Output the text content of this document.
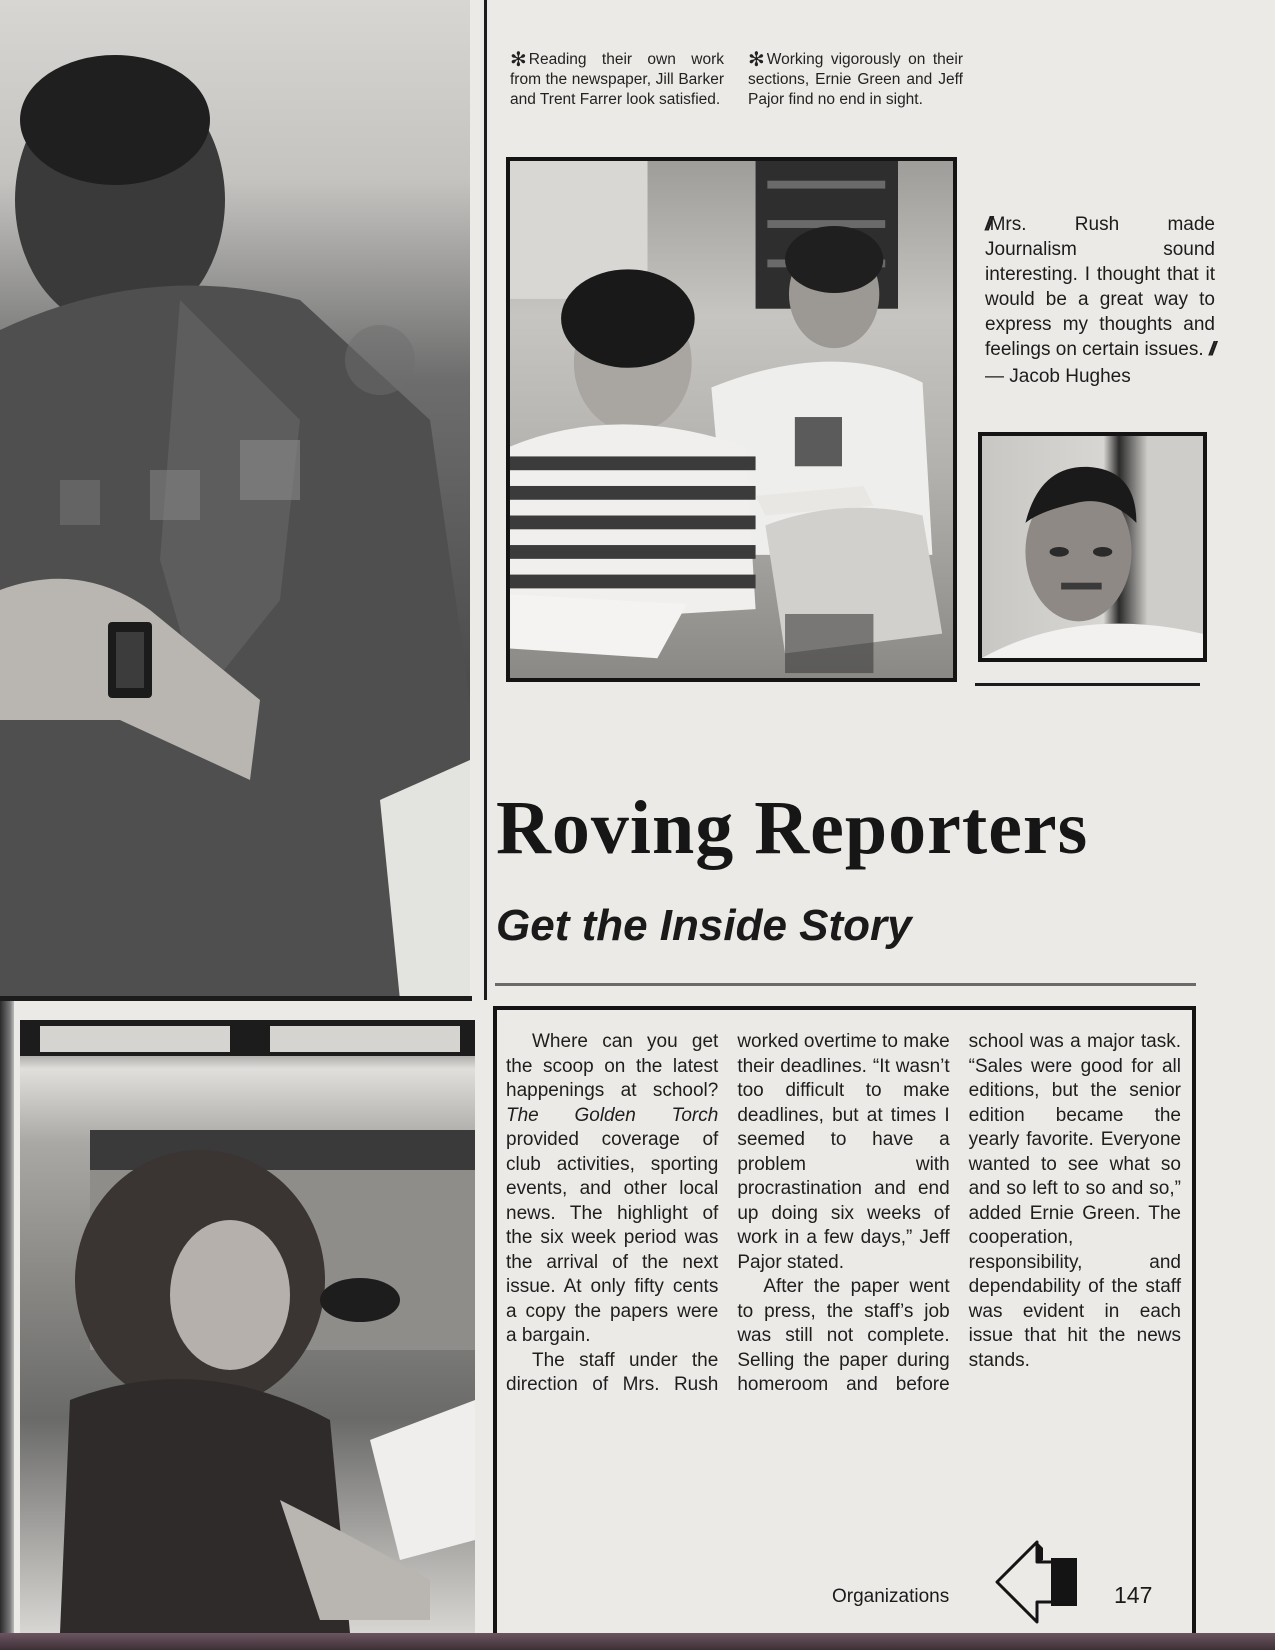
✻ Reading their own work from the newspaper, Jill Barker and Trent Farrer look satisfied.
✻ Working vigorously on their sections, Ernie Green and Jeff Pajor find no end in sight.
//Mrs. Rush made Journalism sound interesting. I thought that it would be a great way to express my thoughts and feelings on certain issues. //
— Jacob Hughes
Roving Reporters
Get the Inside Story

Where can you get the scoop on the latest happenings at school? The Golden Torch provided coverage of club activities, sporting events, and other local news. The highlight of the six week period was the arrival of the next issue. At only fifty cents a copy the papers were a bargain.

The staff under the direction of Mrs. Rush worked overtime to make their deadlines. “It wasn’t too difficult to make deadlines, but at times I seemed to have a problem with procrastination and end up doing six weeks of work in a few days,” Jeff Pajor stated.

After the paper went to press, the staff’s job was still not complete. Selling the paper during homeroom and before school was a major task. “Sales were good for all editions, but the senior edition became the yearly favorite. Everyone wanted to see what so and so left to so and so,” added Ernie Green. The cooperation, responsibility, and dependability of the staff was evident in each issue that hit the news stands.

Organizations	147
